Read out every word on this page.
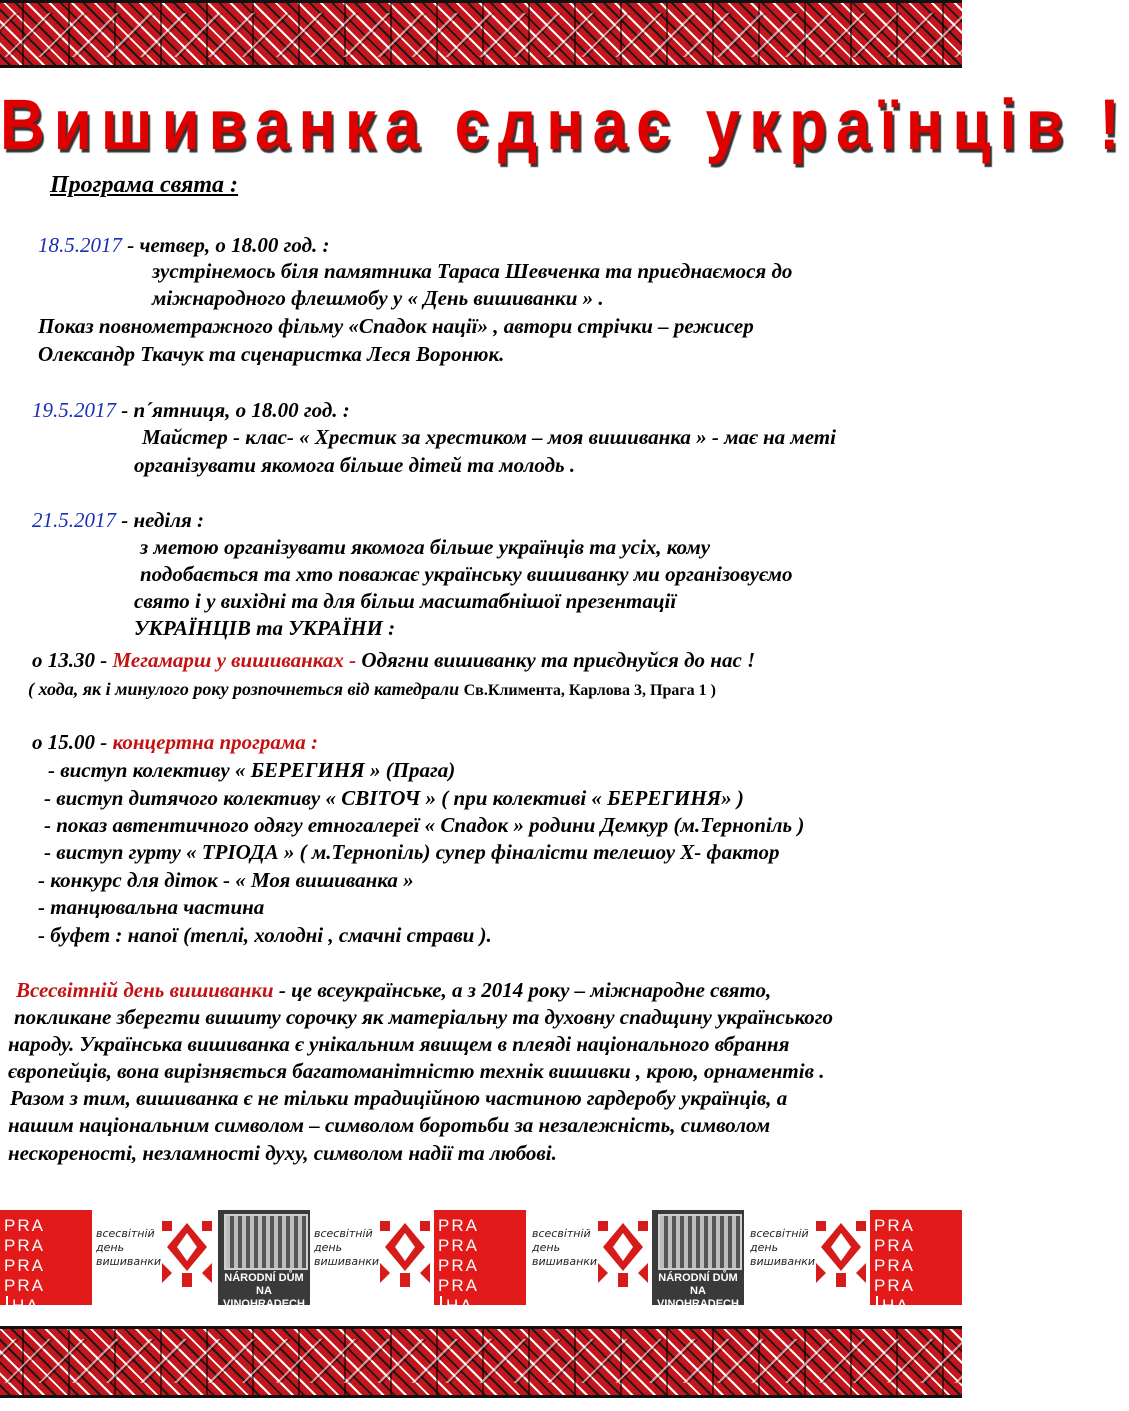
Вишиванка єднає українців !
Програма свята :
18.5.2017 - четвер, о 18.00 год. :
зустрінемось біля памятника Тараса Шевченка та приєднаємося до
міжнародного флешмобу у « День вишиванки » .
Показ повнометражного фільму «Спадок нації» , автори стрічки – режисер
Олександр Ткачук та сценаристка Леся Воронюк.
19.5.2017 - п´ятниця, о 18.00 год. :
Майстер - клас- « Хрестик за хрестиком – моя вишиванка » - має на меті
організувати якомога більше дітей та молодь .
21.5.2017 - неділя :
з метою організувати якомога більше українців та усіх, кому
подобається та хто поважає українську вишиванку ми організовуємо
свято і у вихідні та для більш масштабнішої презентації
УКРАЇНЦІВ та УКРАЇНИ :
о 13.30 - Мегамарш у вишиванках - Одягни вишиванку та приєднуйся до нас !
( хода, як і минулого року розпочнеться від катедрали Св.Климента, Карлова 3, Прага 1 )
о 15.00 - концертна програма :
- виступ колективу « БЕРЕГИНЯ » (Прага)
- виступ дитячого колективу « СВІТОЧ » ( при колективі « БЕРЕГИНЯ» )
- показ автентичного одягу етногалереї « Спадок » родини Демкур (м.Тернопіль )
- виступ гурту « ТРІОДА » ( м.Тернопіль) супер фіналісти телешоу Х- фактор
- конкурс для діток - « Моя вишиванка »
- танцювальна частина
- буфет : напої (теплі, холодні , смачні страви ).
Всесвітній день вишиванки - це всеукраїнське, а з 2014 року – міжнародне свято,
покликане зберегти вишиту сорочку як матеріальну та духовну спадщину українського
народу. Українська вишиванка є унікальним явищем в плеяді національного вбрання
європейців, вона вирізняється багатоманітністю технік вишивки , крою, орнаментів .
Разом з тим, вишиванка є не тільки традиційною частиною гардеробу українців, а
нашим національним символом – символом боротьби за незалежність, символом
нескореності, незламності духу, символом надії та любові.
PRA
PRA
PRA
PRA
HA
всесвітній
день
вишиванки
NÁRODNÍ DŮM
NA VINOHRADECH
всесвітній
день
вишиванки
PRA
PRA
PRA
PRA
HA
всесвітній
день
вишиванки
NÁRODNÍ DŮM
NA VINOHRADECH
всесвітній
день
вишиванки
PRA
PRA
PRA
PRA
HA
